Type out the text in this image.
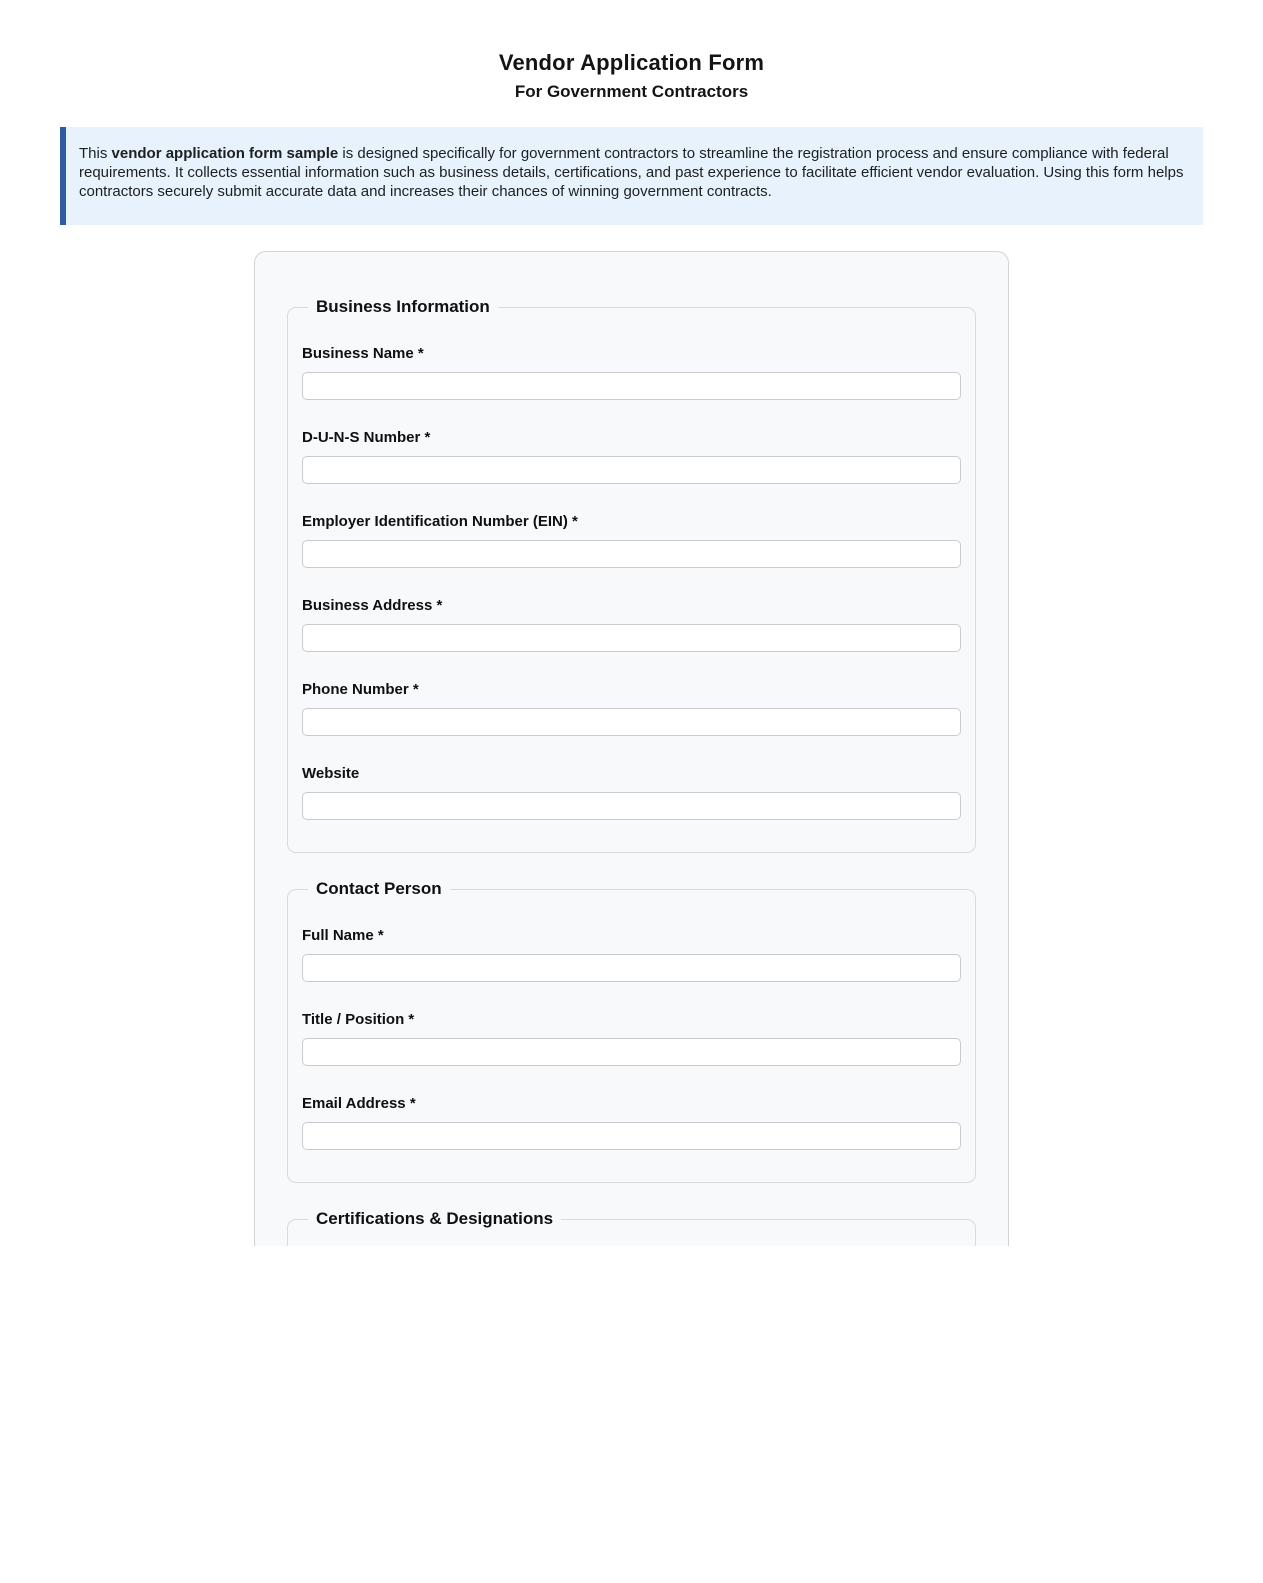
Vendor Application Form
For Government Contractors

This vendor application form sample is designed specifically for government contractors to streamline the registration process and ensure compliance with federal requirements. It collects essential information such as business details, certifications, and past experience to facilitate efficient vendor evaluation. Using this form helps contractors securely submit accurate data and increases their chances of winning government contracts.

Business Information
Business Name *
D-U-N-S Number *
Employer Identification Number (EIN) *
Business Address *
Phone Number *
Website
Contact Person
Full Name *
Title / Position *
Email Address *
Certifications & Designations
